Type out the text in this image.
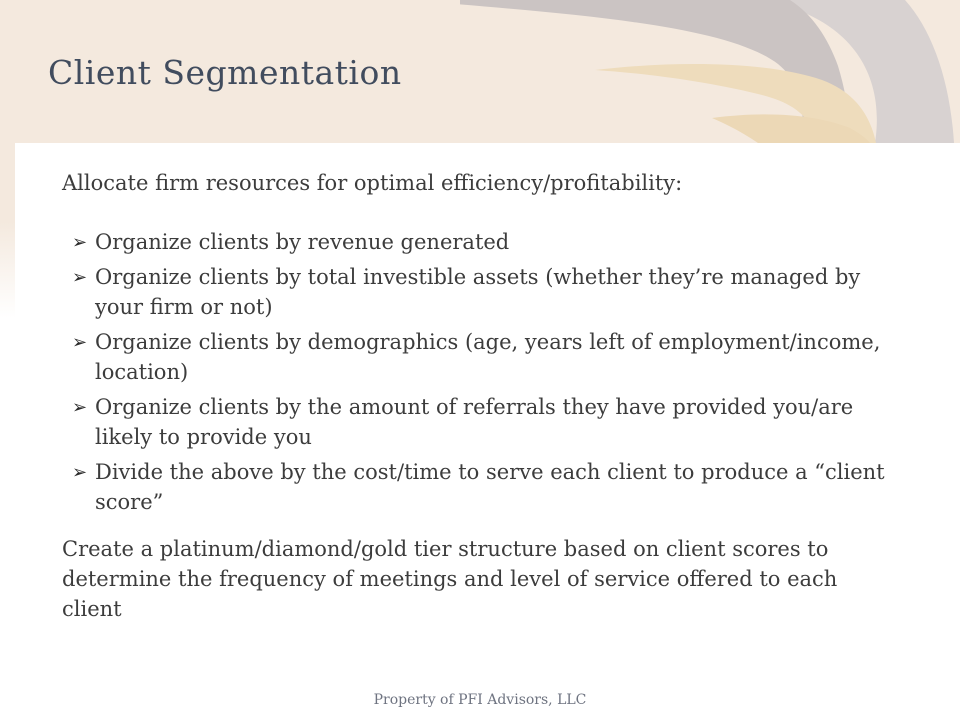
Client Segmentation

Allocate firm resources for optimal efficiency/profitability:

➢ Organize clients by revenue generated
➢ Organize clients by total investible assets (whether they’re managed by your firm or not)
➢ Organize clients by demographics (age, years left of employment/income, location)
➢ Organize clients by the amount of referrals they have provided you/are likely to provide you
➢ Divide the above by the cost/time to serve each client to produce a “client score”

Create a platinum/diamond/gold tier structure based on client scores to determine the frequency of meetings and level of service offered to each client

Property of PFI Advisors, LLC
